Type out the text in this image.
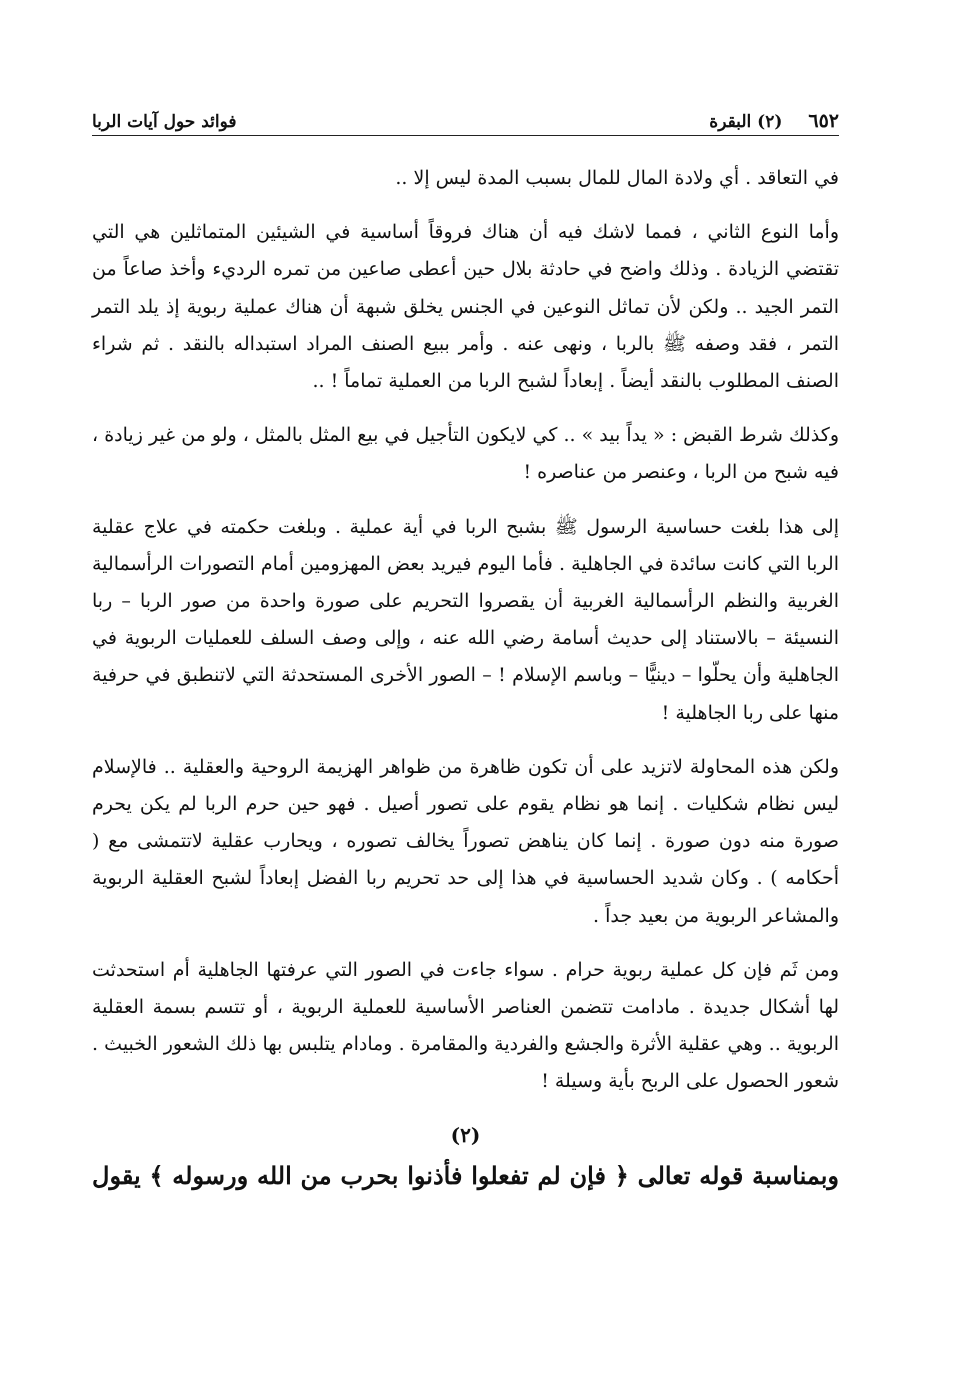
٦٥٢
(٢) البقرة
فوائد حول آيات الربا

في التعاقد . أي ولادة المال للمال بسبب المدة ليس إلا ..

وأما النوع الثاني ، فمما لاشك فيه أن هناك فروقاً أساسية في الشيئين المتماثلين هي التي تقتضي الزيادة . وذلك واضح في حادثة بلال حين أعطى صاعين من تمره الرديء وأخذ صاعاً من التمر الجيد .. ولكن لأن تماثل النوعين في الجنس يخلق شبهة أن هناك عملية ربوية إذ يلد التمر التمر ، فقد وصفه ﷺ بالربا ، ونهى عنه . وأمر ببيع الصنف المراد استبداله بالنقد . ثم شراء الصنف المطلوب بالنقد أيضاً . إبعاداً لشبح الربا من العملية تماماً ! ..

وكذلك شرط القبض : « يداً بيد » .. كي لايكون التأجيل في بيع المثل بالمثل ، ولو من غير زيادة ، فيه شبح من الربا ، وعنصر من عناصره !

إلى هذا بلغت حساسية الرسول ﷺ بشبح الربا في أية عملية . وبلغت حكمته في علاج عقلية الربا التي كانت سائدة في الجاهلية . فأما اليوم فيريد بعض المهزومين أمام التصورات الرأسمالية الغربية والنظم الرأسمالية الغربية أن يقصروا التحريم على صورة واحدة من صور الربا – ربا النسيئة – بالاستناد إلى حديث أسامة رضي الله عنه ، وإلى وصف السلف للعمليات الربوية في الجاهلية وأن يحلّوا – دينيًّا – وباسم الإسلام ! – الصور الأخرى المستحدثة التي لاتنطبق في حرفية منها على ربا الجاهلية !

ولكن هذه المحاولة لاتزيد على أن تكون ظاهرة من ظواهر الهزيمة الروحية والعقلية .. فالإسلام ليس نظام شكليات . إنما هو نظام يقوم على تصور أصيل . فهو حين حرم الربا لم يكن يحرم صورة منه دون صورة . إنما كان يناهض تصوراً يخالف تصوره ، ويحارب عقلية لاتتمشى مع ( أحكامه ) . وكان شديد الحساسية في هذا إلى حد تحريم ربا الفضل إبعاداً لشبح العقلية الربوية والمشاعر الربوية من بعيد جداً .

ومن ثَم فإن كل عملية ربوية حرام . سواء جاءت في الصور التي عرفتها الجاهلية أم استحدثت لها أشكال جديدة . مادامت تتضمن العناصر الأساسية للعملية الربوية ، أو تتسم بسمة العقلية الربوية .. وهي عقلية الأثرة والجشع والفردية والمقامرة . ومادام يتلبس بها ذلك الشعور الخبيث . شعور الحصول على الربح بأية وسيلة !

(٢)

وبمناسبة قوله تعالى ﴿ فإن لم تفعلوا فأذنوا بحرب من الله ورسوله ﴾ يقول
